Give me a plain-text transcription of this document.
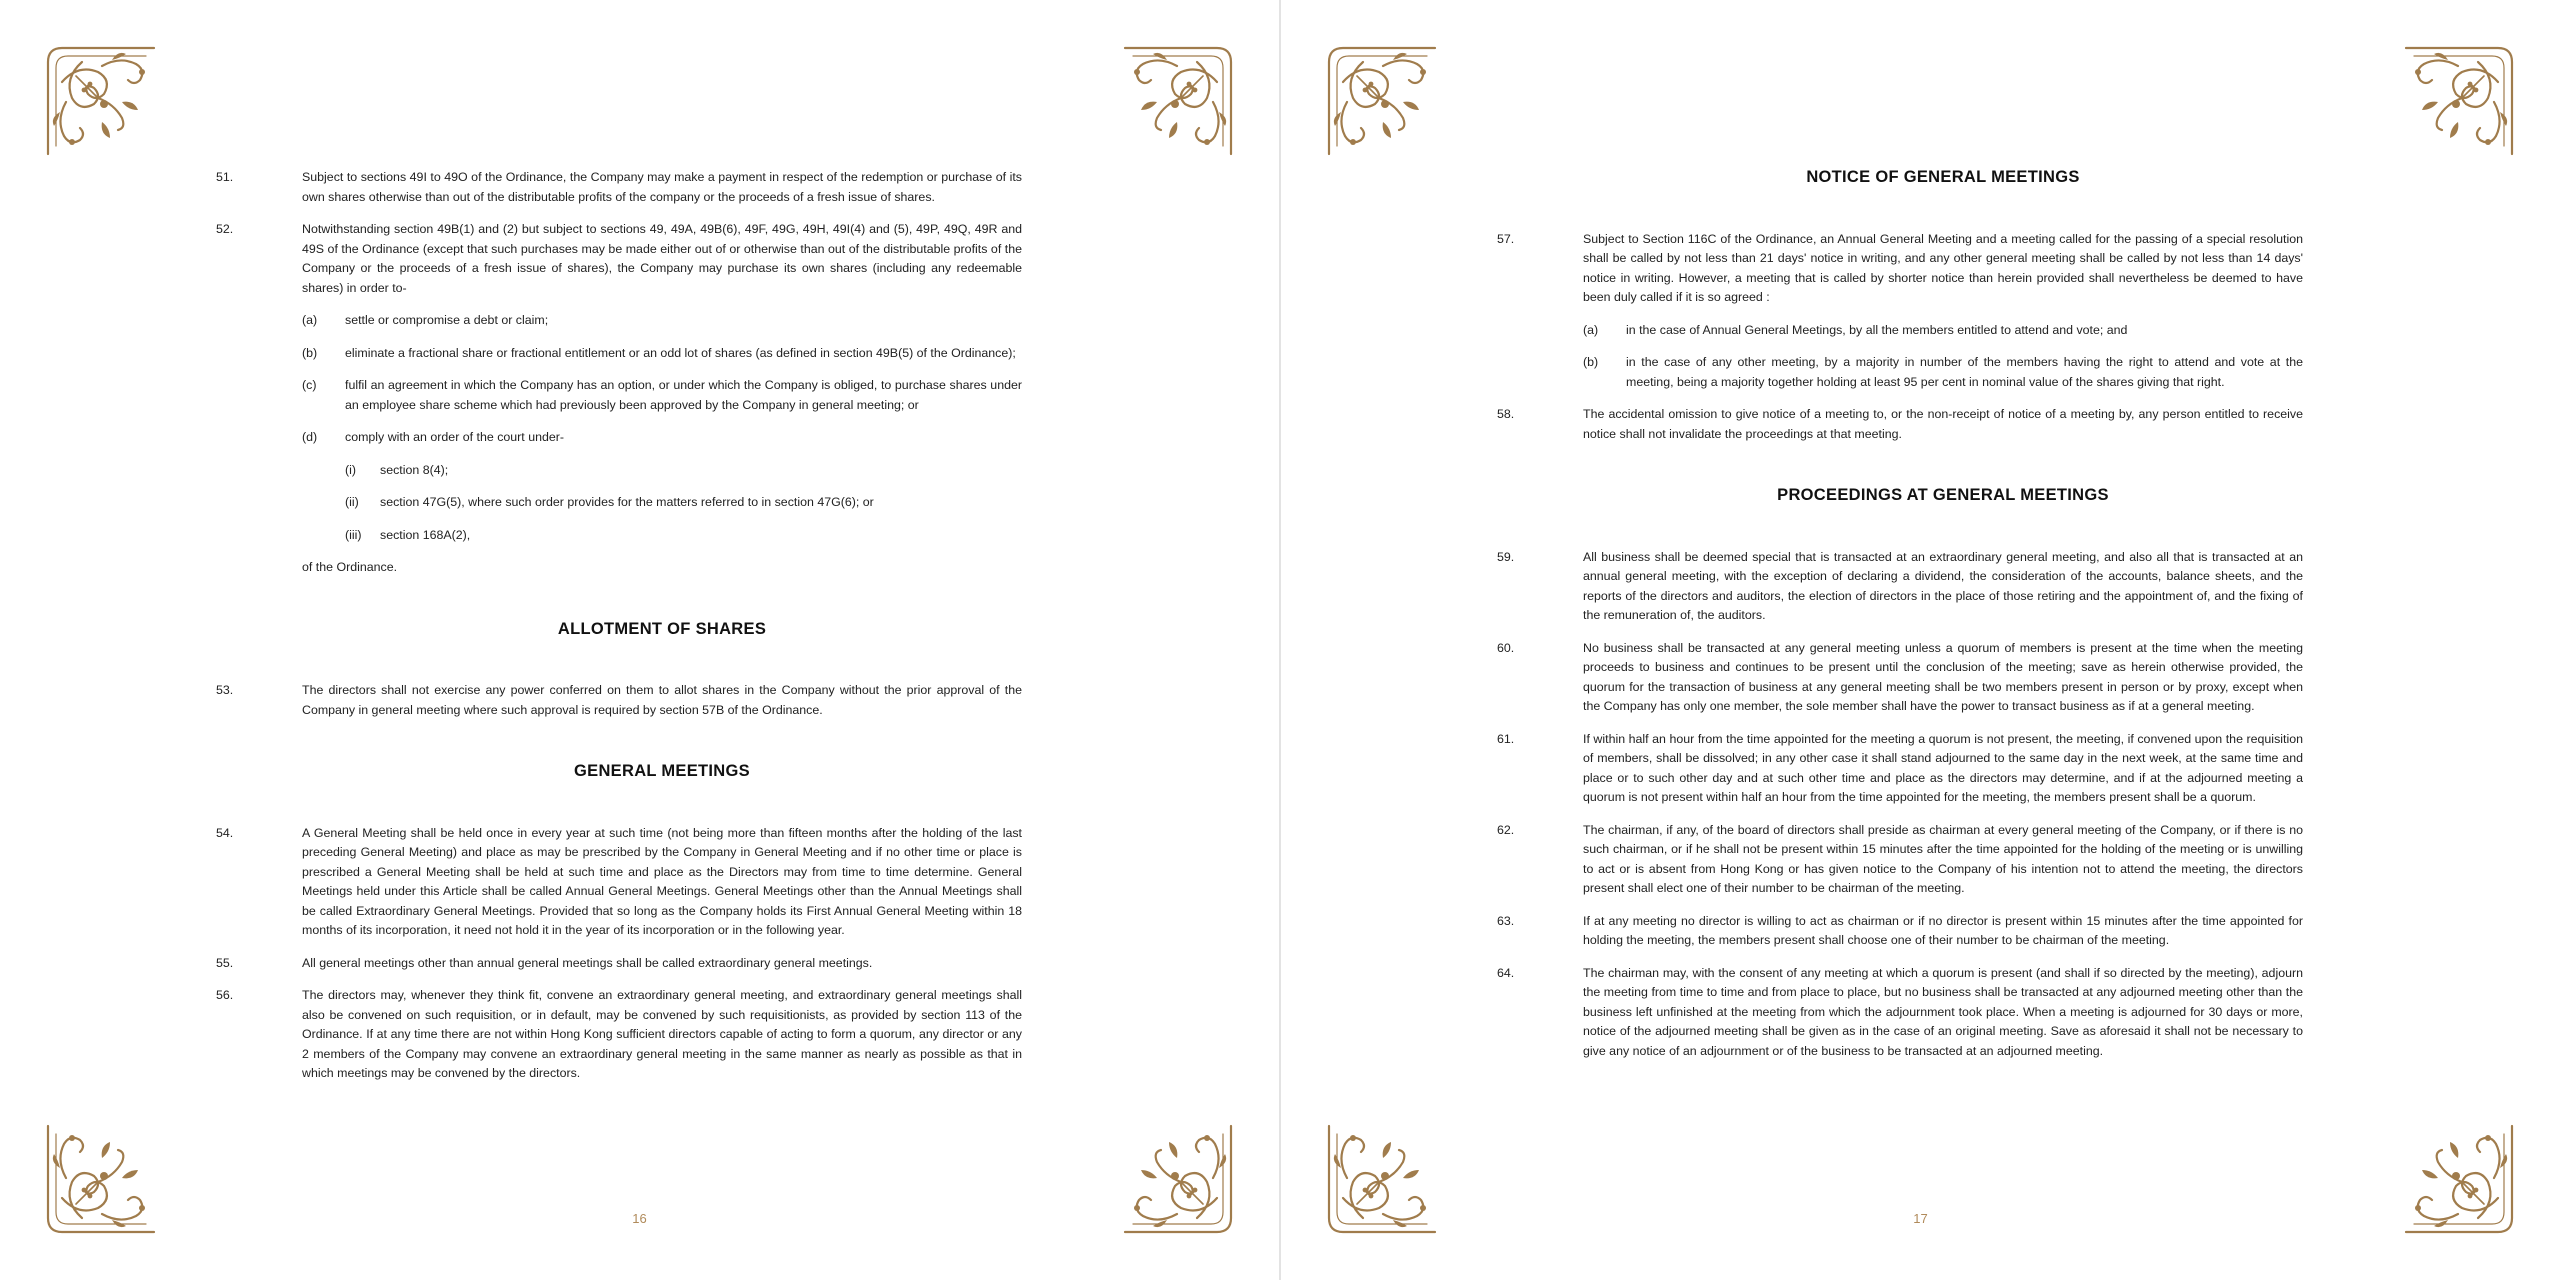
51.	Subject to sections 49I to 49O of the Ordinance, the Company may make a payment in respect of the redemption or purchase of its own shares otherwise than out of the distributable profits of the company or the proceeds of a fresh issue of shares.
52.	Notwithstanding section 49B(1) and (2) but subject to sections 49, 49A, 49B(6), 49F, 49G, 49H, 49I(4) and (5), 49P, 49Q, 49R and 49S of the Ordinance (except that such purchases may be made either out of or otherwise than out of the distributable profits of the Company or the proceeds of a fresh issue of shares), the Company may purchase its own shares (including any redeemable shares) in order to-
(a) settle or compromise a debt or claim;
(b) eliminate a fractional share or fractional entitlement or an odd lot of shares (as defined in section 49B(5) of the Ordinance);
(c) fulfil an agreement in which the Company has an option, or under which the Company is obliged, to purchase shares under an employee share scheme which had previously been approved by the Company in general meeting; or
(d) comply with an order of the court under-
(i) section 8(4);
(ii) section 47G(5), where such order provides for the matters referred to in section 47G(6); or
(iii) section 168A(2),
of the Ordinance.
ALLOTMENT OF SHARES
53.	The directors shall not exercise any power conferred on them to allot shares in the Company without the prior approval of the Company in general meeting where such approval is required by section 57B of the Ordinance.
GENERAL MEETINGS
54.	A General Meeting shall be held once in every year at such time (not being more than fifteen months after the holding of the last preceding General Meeting) and place as may be prescribed by the Company in General Meeting and if no other time or place is prescribed a General Meeting shall be held at such time and place as the Directors may from time to time determine. General Meetings held under this Article shall be called Annual General Meetings. General Meetings other than the Annual Meetings shall be called Extraordinary General Meetings. Provided that so long as the Company holds its First Annual General Meeting within 18 months of its incorporation, it need not hold it in the year of its incorporation or in the following year.
55.	All general meetings other than annual general meetings shall be called extraordinary general meetings.
56.	The directors may, whenever they think fit, convene an extraordinary general meeting, and extraordinary general meetings shall also be convened on such requisition, or in default, may be convened by such requisitionists, as provided by section 113 of the Ordinance. If at any time there are not within Hong Kong sufficient directors capable of acting to form a quorum, any director or any 2 members of the Company may convene an extraordinary general meeting in the same manner as nearly as possible as that in which meetings may be convened by the directors.
16
NOTICE OF GENERAL MEETINGS
57.	Subject to Section 116C of the Ordinance, an Annual General Meeting and a meeting called for the passing of a special resolution shall be called by not less than 21 days' notice in writing, and any other general meeting shall be called by not less than 14 days' notice in writing. However, a meeting that is called by shorter notice than herein provided shall nevertheless be deemed to have been duly called if it is so agreed :
(a) in the case of Annual General Meetings, by all the members entitled to attend and vote; and
(b) in the case of any other meeting, by a majority in number of the members having the right to attend and vote at the meeting, being a majority together holding at least 95 per cent in nominal value of the shares giving that right.
58.	The accidental omission to give notice of a meeting to, or the non-receipt of notice of a meeting by, any person entitled to receive notice shall not invalidate the proceedings at that meeting.
PROCEEDINGS AT GENERAL MEETINGS
59.	All business shall be deemed special that is transacted at an extraordinary general meeting, and also all that is transacted at an annual general meeting, with the exception of declaring a dividend, the consideration of the accounts, balance sheets, and the reports of the directors and auditors, the election of directors in the place of those retiring and the appointment of, and the fixing of the remuneration of, the auditors.
60.	No business shall be transacted at any general meeting unless a quorum of members is present at the time when the meeting proceeds to business and continues to be present until the conclusion of the meeting; save as herein otherwise provided, the quorum for the transaction of business at any general meeting shall be two members present in person or by proxy, except when the Company has only one member, the sole member shall have the power to transact business as if at a general meeting.
61.	If within half an hour from the time appointed for the meeting a quorum is not present, the meeting, if convened upon the requisition of members, shall be dissolved; in any other case it shall stand adjourned to the same day in the next week, at the same time and place or to such other day and at such other time and place as the directors may determine, and if at the adjourned meeting a quorum is not present within half an hour from the time appointed for the meeting, the members present shall be a quorum.
62.	The chairman, if any, of the board of directors shall preside as chairman at every general meeting of the Company, or if there is no such chairman, or if he shall not be present within 15 minutes after the time appointed for the holding of the meeting or is unwilling to act or is absent from Hong Kong or has given notice to the Company of his intention not to attend the meeting, the directors present shall elect one of their number to be chairman of the meeting.
63.	If at any meeting no director is willing to act as chairman or if no director is present within 15 minutes after the time appointed for holding the meeting, the members present shall choose one of their number to be chairman of the meeting.
64.	The chairman may, with the consent of any meeting at which a quorum is present (and shall if so directed by the meeting), adjourn the meeting from time to time and from place to place, but no business shall be transacted at any adjourned meeting other than the business left unfinished at the meeting from which the adjournment took place. When a meeting is adjourned for 30 days or more, notice of the adjourned meeting shall be given as in the case of an original meeting. Save as aforesaid it shall not be necessary to give any notice of an adjournment or of the business to be transacted at an adjourned meeting.
17
